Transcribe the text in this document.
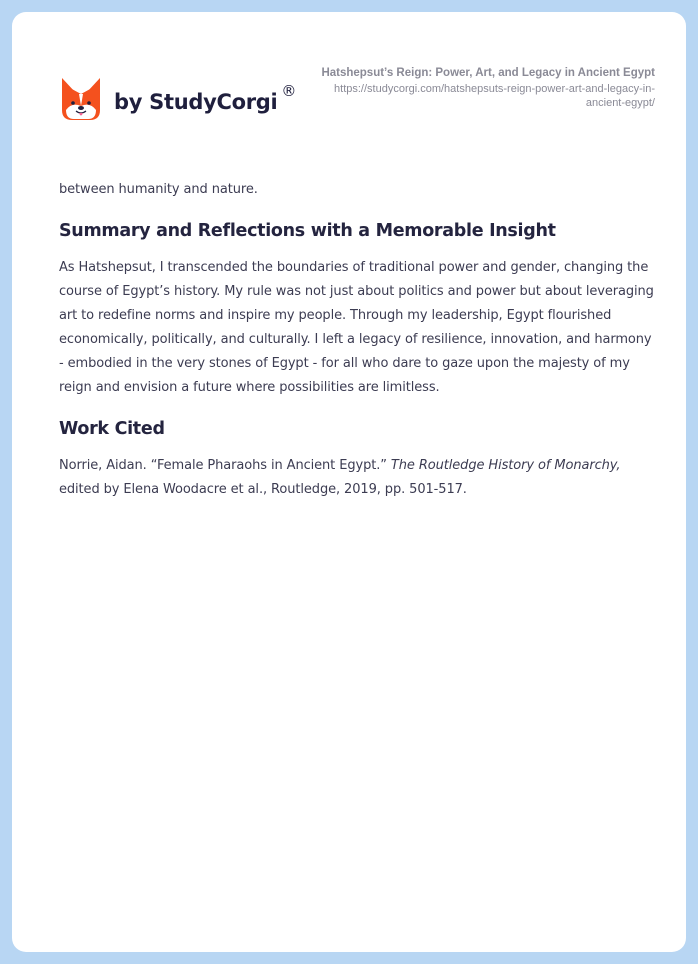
by StudyCorgi ®
Hatshepsut’s Reign: Power, Art, and Legacy in Ancient Egypt
https://studycorgi.com/hatshepsuts-reign-power-art-and-legacy-in-ancient-egypt/

between humanity and nature.

Summary and Reflections with a Memorable Insight

As Hatshepsut, I transcended the boundaries of traditional power and gender, changing the course of Egypt’s history. My rule was not just about politics and power but about leveraging art to redefine norms and inspire my people. Through my leadership, Egypt flourished economically, politically, and culturally. I left a legacy of resilience, innovation, and harmony - embodied in the very stones of Egypt - for all who dare to gaze upon the majesty of my reign and envision a future where possibilities are limitless.

Work Cited

Norrie, Aidan. “Female Pharaohs in Ancient Egypt.” The Routledge History of Monarchy, edited by Elena Woodacre et al., Routledge, 2019, pp. 501-517.
